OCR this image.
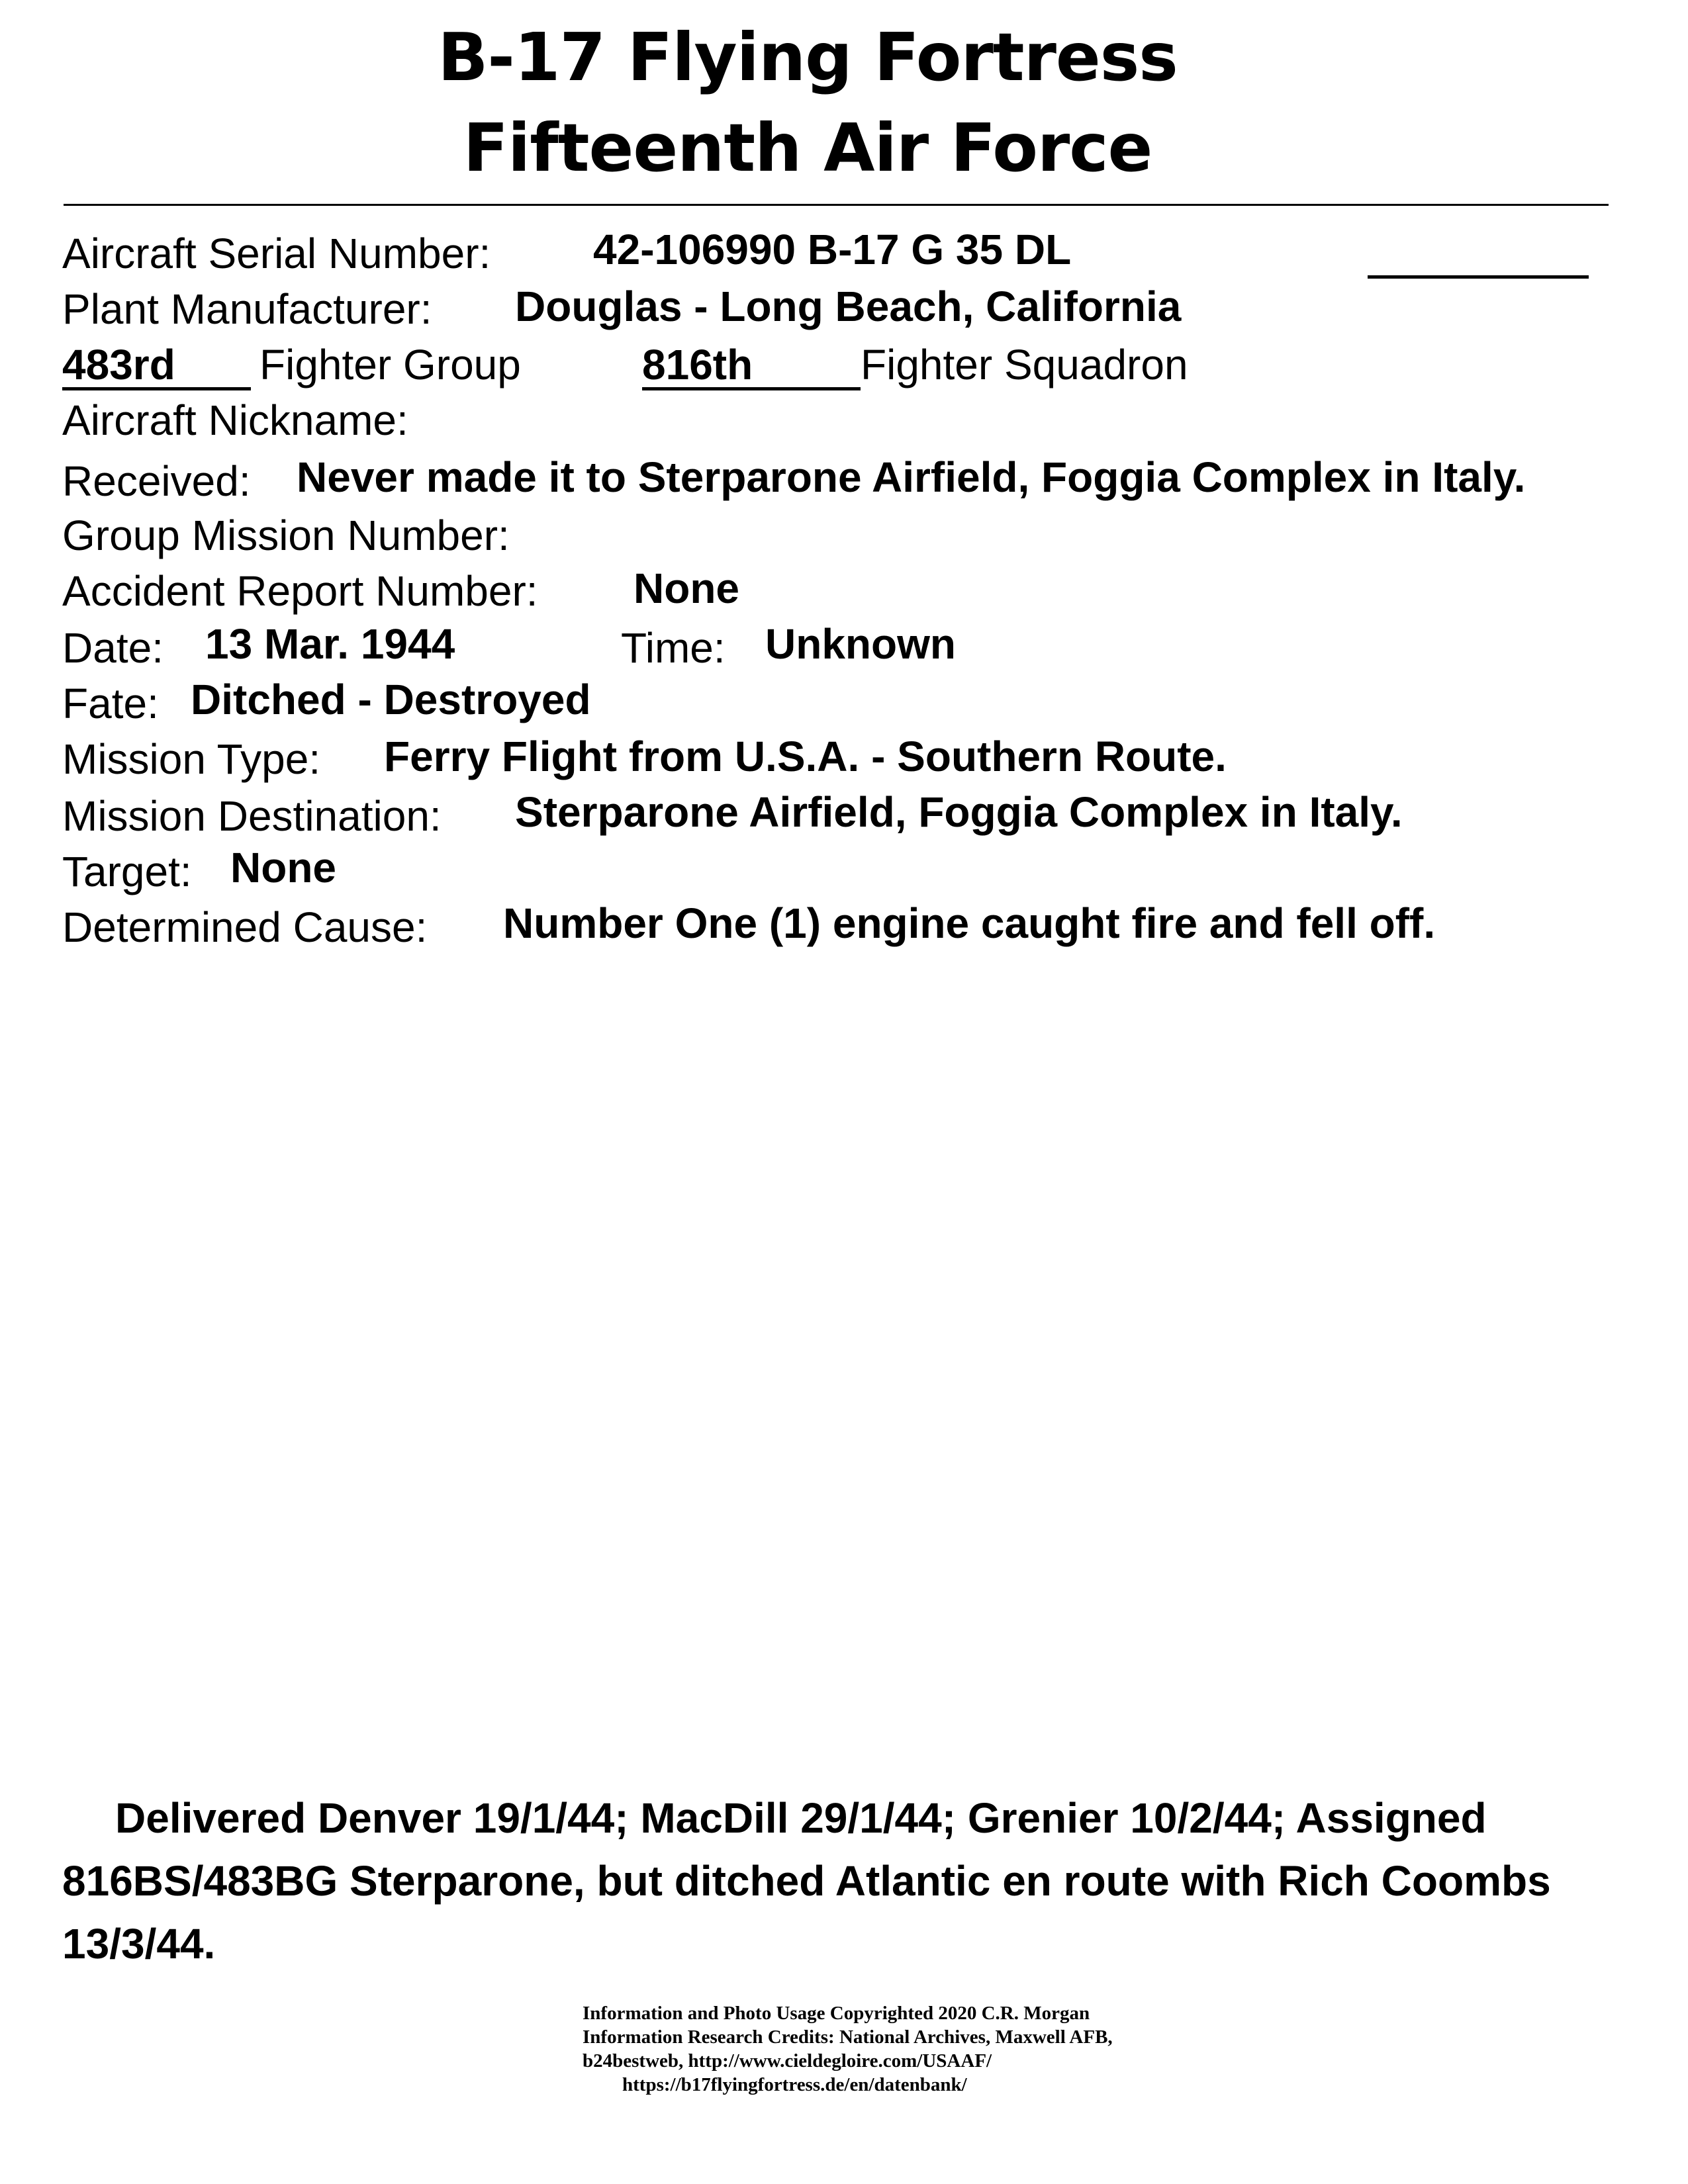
B-17 Flying Fortress
Fifteenth Air Force
Aircraft Serial Number: 42-106990 B-17 G 35 DL
Plant Manufacturer: Douglas - Long Beach, California
483rd	Fighter Group	816th	Fighter Squadron
Aircraft Nickname:
Received: Never made it to Sterparone Airfield, Foggia Complex in Italy.
Group Mission Number:
Accident Report Number: None
Date: 13 Mar. 1944	Time: Unknown
Fate: Ditched - Destroyed
Mission Type: Ferry Flight from U.S.A. - Southern Route.
Mission Destination: Sterparone Airfield, Foggia Complex in Italy.
Target: None
Determined Cause: Number One (1) engine caught fire and fell off.
Delivered Denver 19/1/44; MacDill 29/1/44; Grenier 10/2/44; Assigned 816BS/483BG Sterparone, but ditched Atlantic en route with Rich Coombs 13/3/44.
Information and Photo Usage Copyrighted 2020 C.R. Morgan
Information Research Credits: National Archives, Maxwell AFB,
b24bestweb, http://www.cieldegloire.com/USAAF/
https://b17flyingfortress.de/en/datenbank/
